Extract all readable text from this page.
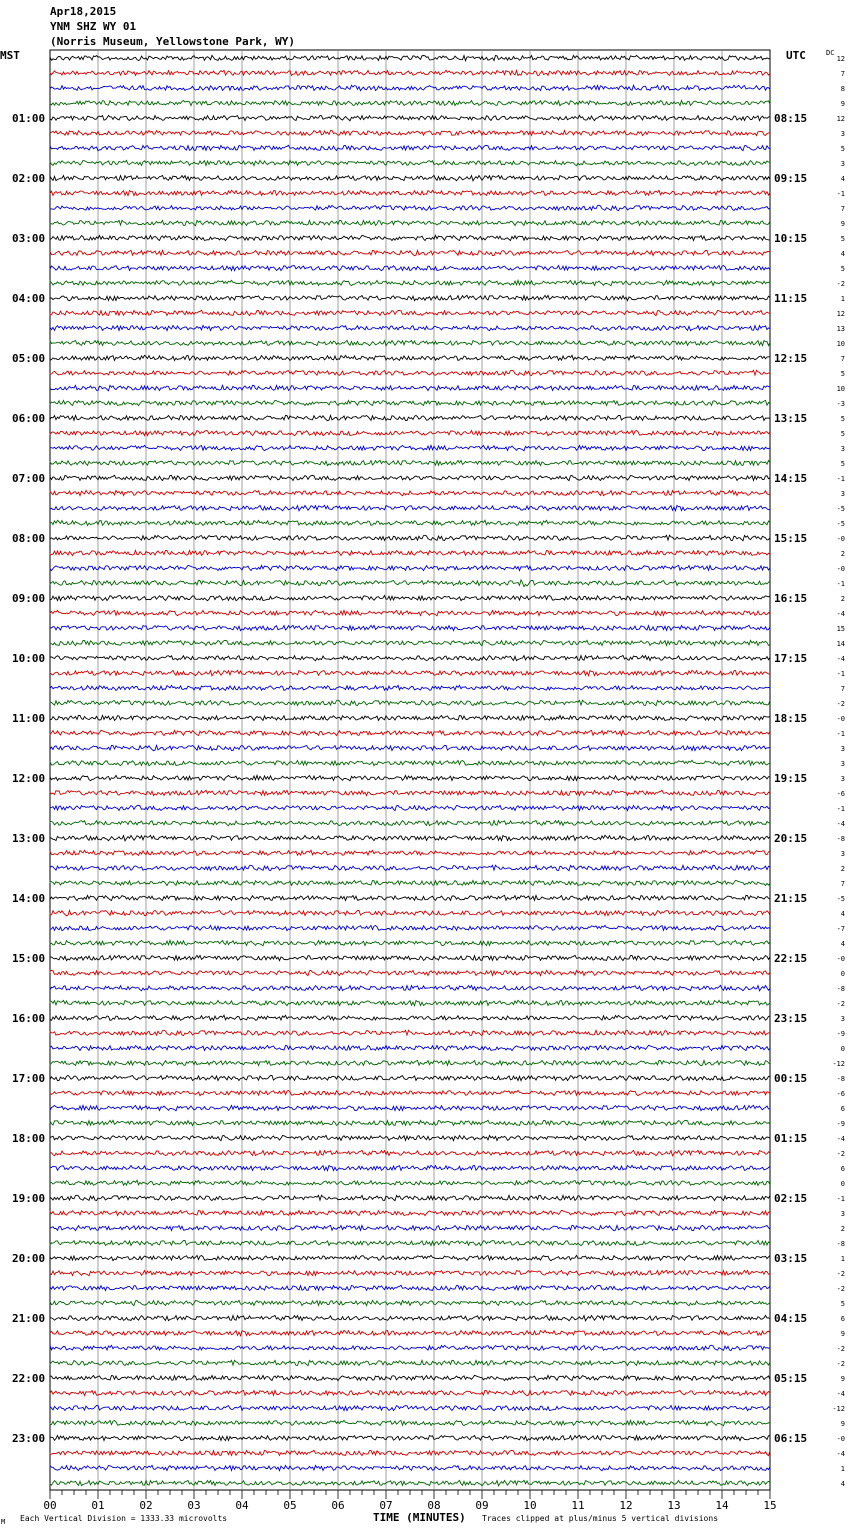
Apr18,2015
YNM SHZ WY 01
(Norris Museum, Yellowstone Park, WY)
MST	UTC	DC
12
7
8
9
12
3
5
3
4
-1
7
9
5
4
5
-2
1
12
13
10
7
5
10
-3
5
5
3
5
-1
3
-5
-5
-0
2
-0
-1
2
-4
15
14
-4
-1
7
-2
-0
-1
3
3
3
-6
-1
-4
-8
3
2
7
-5
4
-7
4
-0
0
-8
-2
3
-9
0
-12
-8
-6
6
-9
-4
-2
6
0
-1
3
2
-8
1
-2
-2
5
6
9
-2
-2
9
-4
-12
9
-0
-4
1
4
01:00
02:00
03:00
04:00
05:00
06:00
07:00
08:00
09:00
10:00
11:00
12:00
13:00
14:00
15:00
16:00
17:00
18:00
19:00
20:00
21:00
22:00
23:00
08:15
09:15
10:15
11:15
12:15
13:15
14:15
15:15
16:15
17:15
18:15
19:15
20:15
21:15
22:15
23:15
00:15
01:15
02:15
03:15
04:15
05:15
06:15
00	01	02	03	04	05	06	07	08	09	10	11	12	13	14	15
Each Vertical Division = 1333.33 microvolts	TIME (MINUTES) Traces clipped at plus/minus 5 vertical divisions
M
